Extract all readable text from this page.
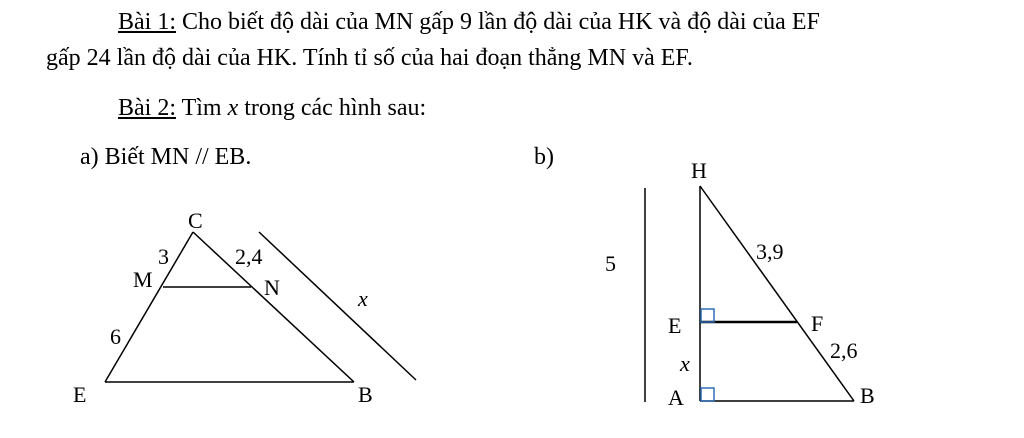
Bài 1: Cho biết độ dài của MN gấp 9 lần độ dài của HK và độ dài của EF
gấp 24 lần độ dài của HK. Tính tỉ số của hai đoạn thẳng MN và EF.
Bài 2: Tìm x trong các hình sau:
a) Biết MN // EB.	b)
C
M	N
E	B
3	2,4
6
x
H
E	F
A	B
5	3,9
2,6
x
